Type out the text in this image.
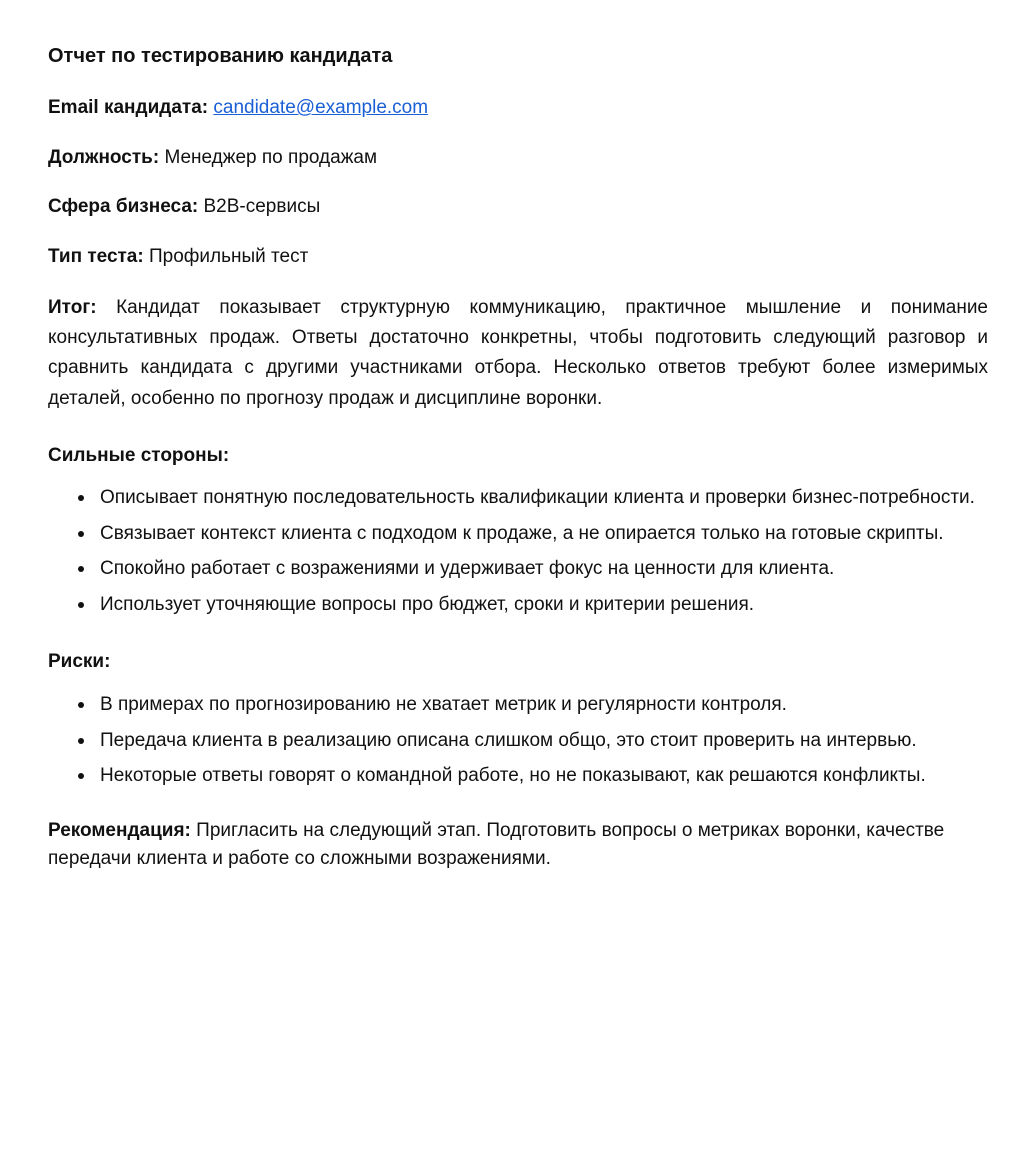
Отчет по тестированию кандидата

Email кандидата: candidate@example.com

Должность: Менеджер по продажам

Сфера бизнеса: B2B-сервисы

Тип теста: Профильный тест

Итог: Кандидат показывает структурную коммуникацию, практичное мышление и понимание консультативных продаж. Ответы достаточно конкретны, чтобы подготовить следующий разговор и сравнить кандидата с другими участниками отбора. Несколько ответов требуют более измеримых деталей, особенно по прогнозу продаж и дисциплине воронки.

Сильные стороны:
Описывает понятную последовательность квалификации клиента и проверки бизнес-потребности.
Связывает контекст клиента с подходом к продаже, а не опирается только на готовые скрипты.
Спокойно работает с возражениями и удерживает фокус на ценности для клиента.
Использует уточняющие вопросы про бюджет, сроки и критерии решения.
Риски:
В примерах по прогнозированию не хватает метрик и регулярности контроля.
Передача клиента в реализацию описана слишком общо, это стоит проверить на интервью.
Некоторые ответы говорят о командной работе, но не показывают, как решаются конфликты.

Рекомендация: Пригласить на следующий этап. Подготовить вопросы о метриках воронки, качестве передачи клиента и работе со сложными возражениями.
